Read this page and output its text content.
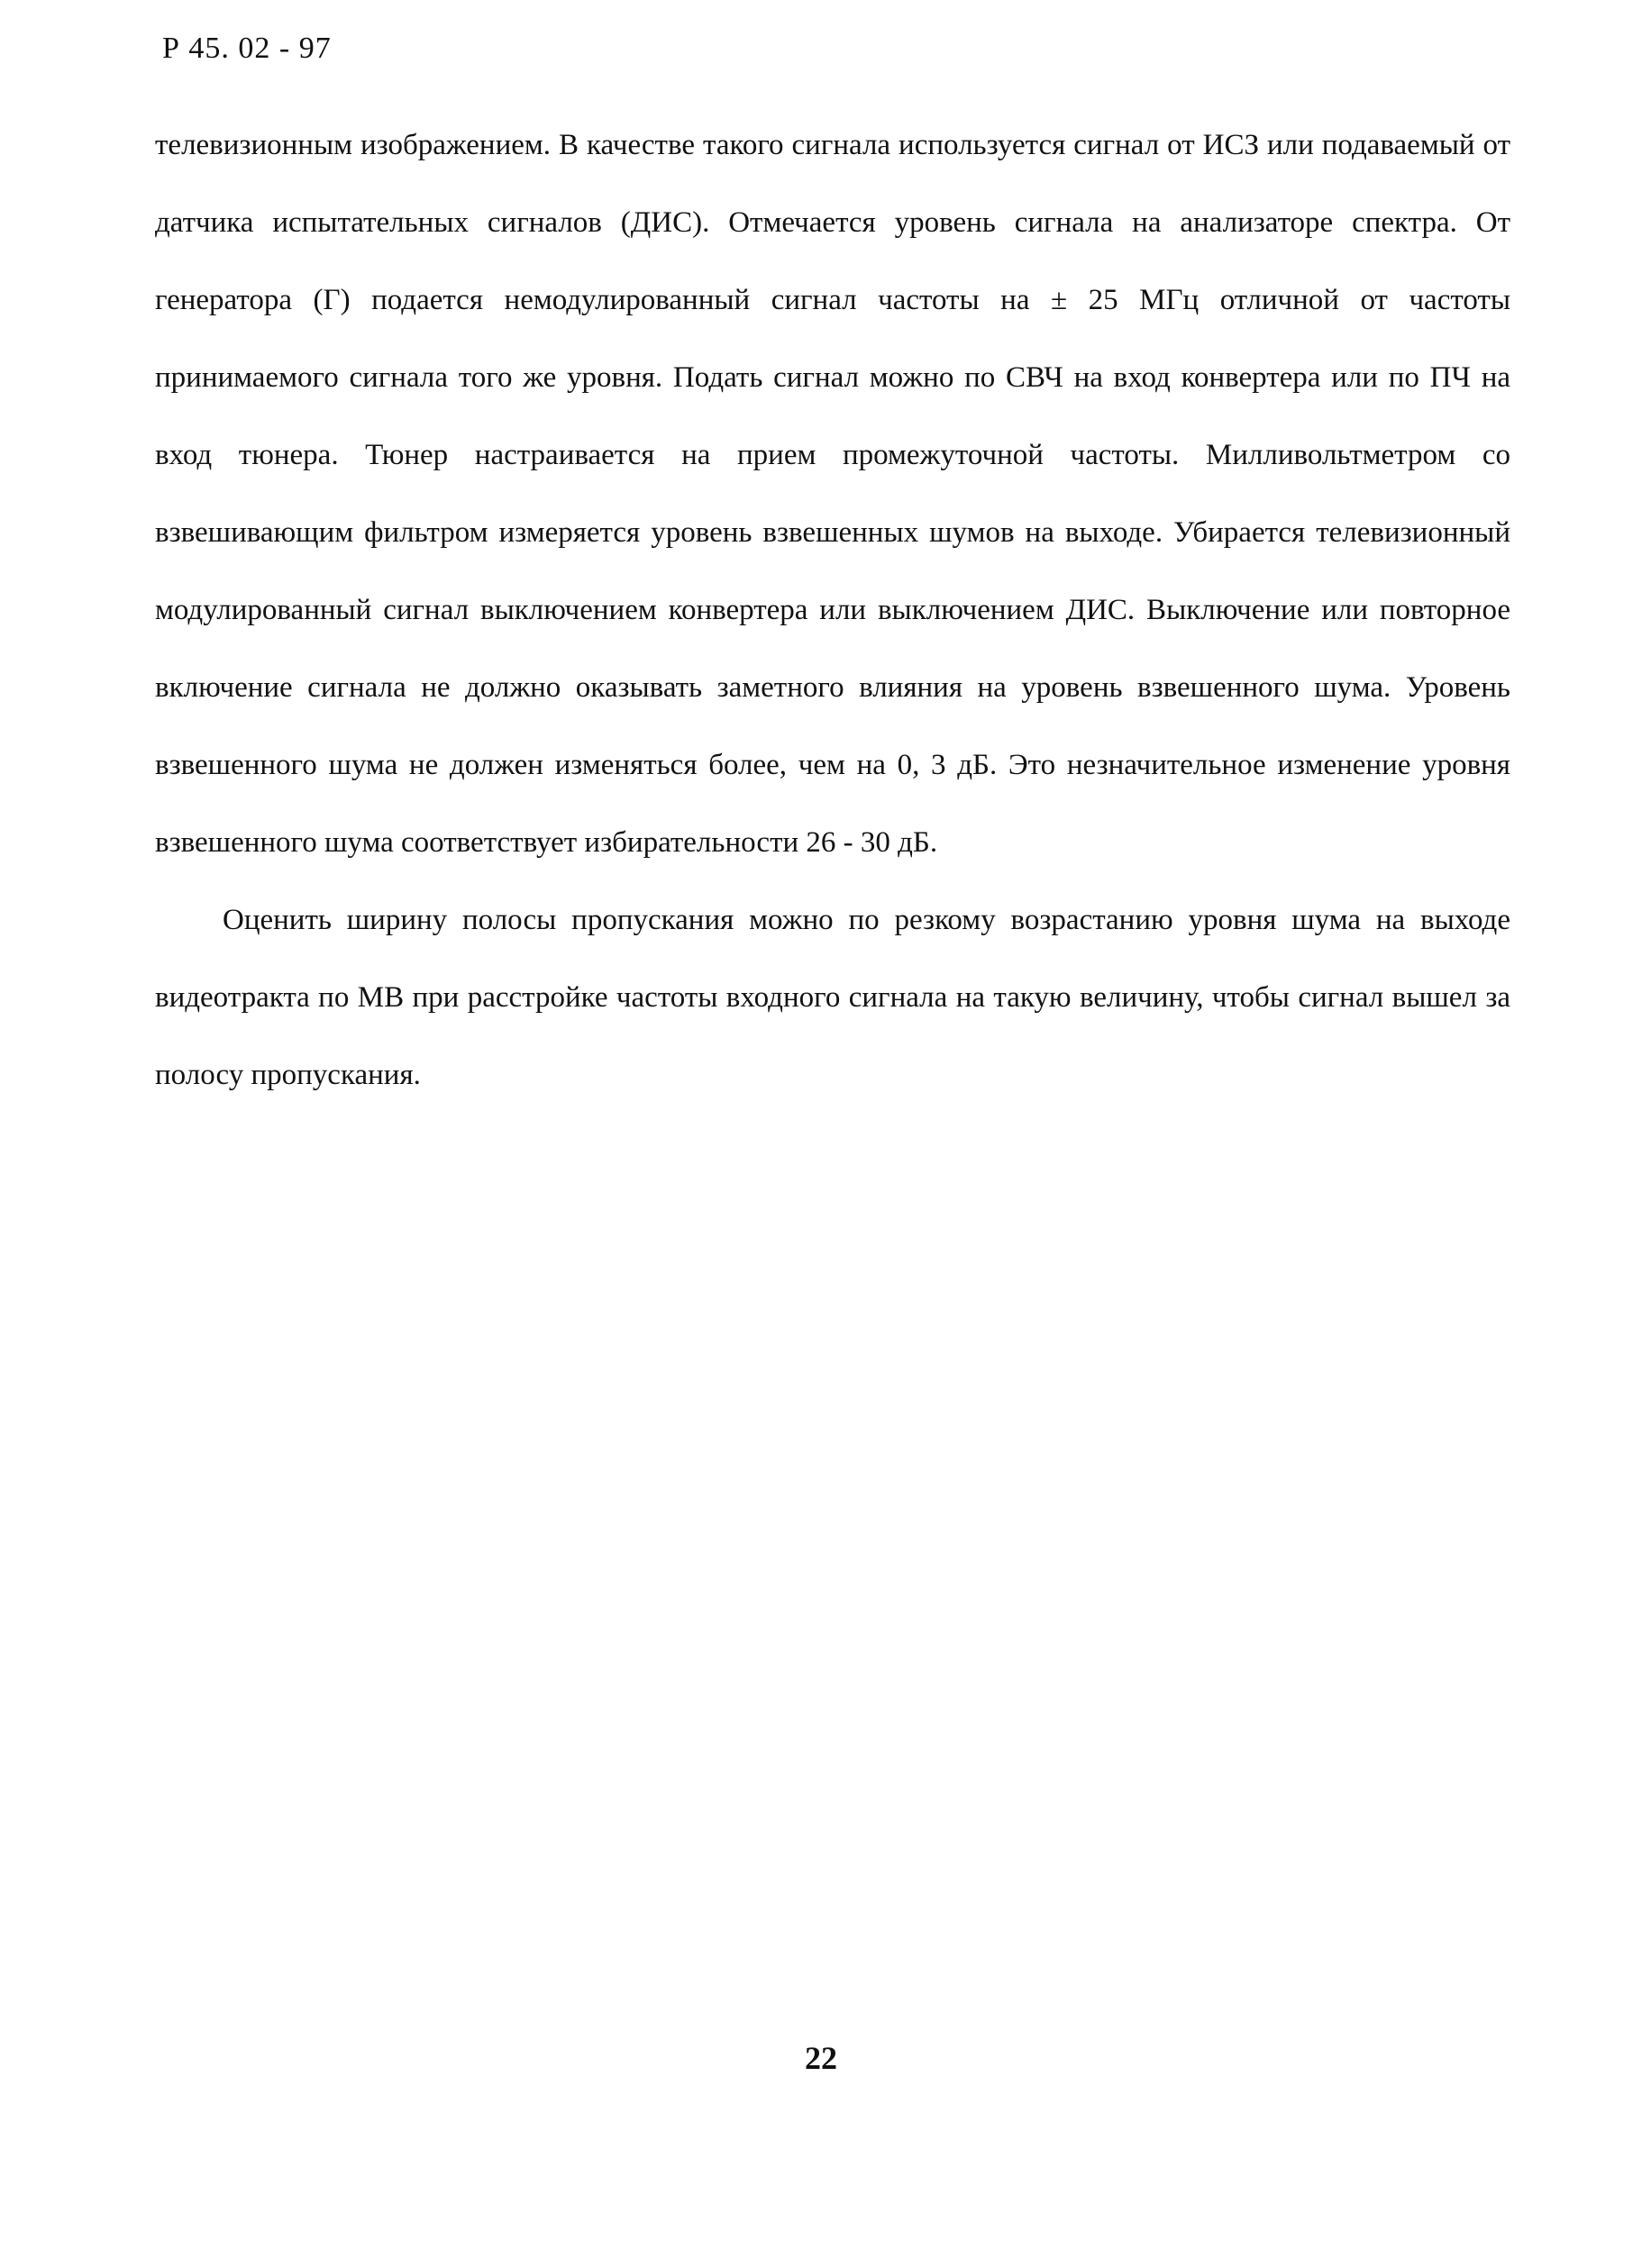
Р 45. 02 - 97

телевизионным изображением. В качестве такого сигнала используется сигнал от ИСЗ или подаваемый от датчика испытательных сигналов (ДИС). Отмечается уровень сигнала на анализаторе спектра. От генератора (Г) подается немодулированный сигнал частоты на ± 25 МГц отличной от частоты принимаемого сигнала того же уровня. Подать сигнал можно по СВЧ на вход конвертера или по ПЧ на вход тюнера. Тюнер настраивается на прием промежуточной частоты. Милливольтметром со взвешивающим фильтром измеряется уровень взвешенных шумов на выходе. Убирается телевизионный модулированный сигнал выключением конвертера или выключением ДИС. Выключение или повторное включение сигнала не должно оказывать заметного влияния на уровень взвешенного шума. Уровень взвешенного шума не должен изменяться более, чем на 0, 3 дБ. Это незначительное изменение уровня взвешенного шума соответствует избирательности 26 - 30 дБ.

Оценить ширину полосы пропускания можно по резкому возрастанию уровня шума на выходе видеотракта по МВ при расстройке частоты входного сигнала на такую величину, чтобы сигнал вышел за полосу пропускания.

22
